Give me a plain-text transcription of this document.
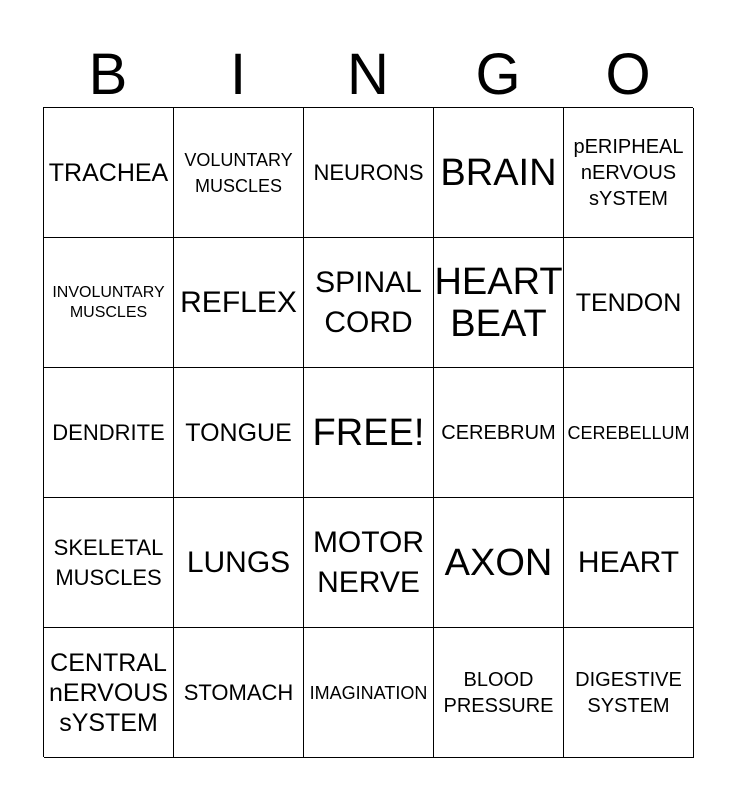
B	I	N	G	O
TRACHEA VOLUNTARY
MUSCLES
NEURONS BRAIN
pERIPHEAL
nERVOUS
sYSTEM
INVOLUNTARY
MUSCLES	REFLEX
SPINAL
CORD
HEART
BEAT	TENDON
DENDRITE TONGUE FREE! CEREBRUM CEREBELLUM
SKELETAL
MUSCLES LUNGS
MOTOR
NERVE AXON HEART
CENTRAL
nERVOUS
sYSTEM
STOMACH IMAGINATION
BLOOD
PRESSURE
DIGESTIVE
SYSTEM
